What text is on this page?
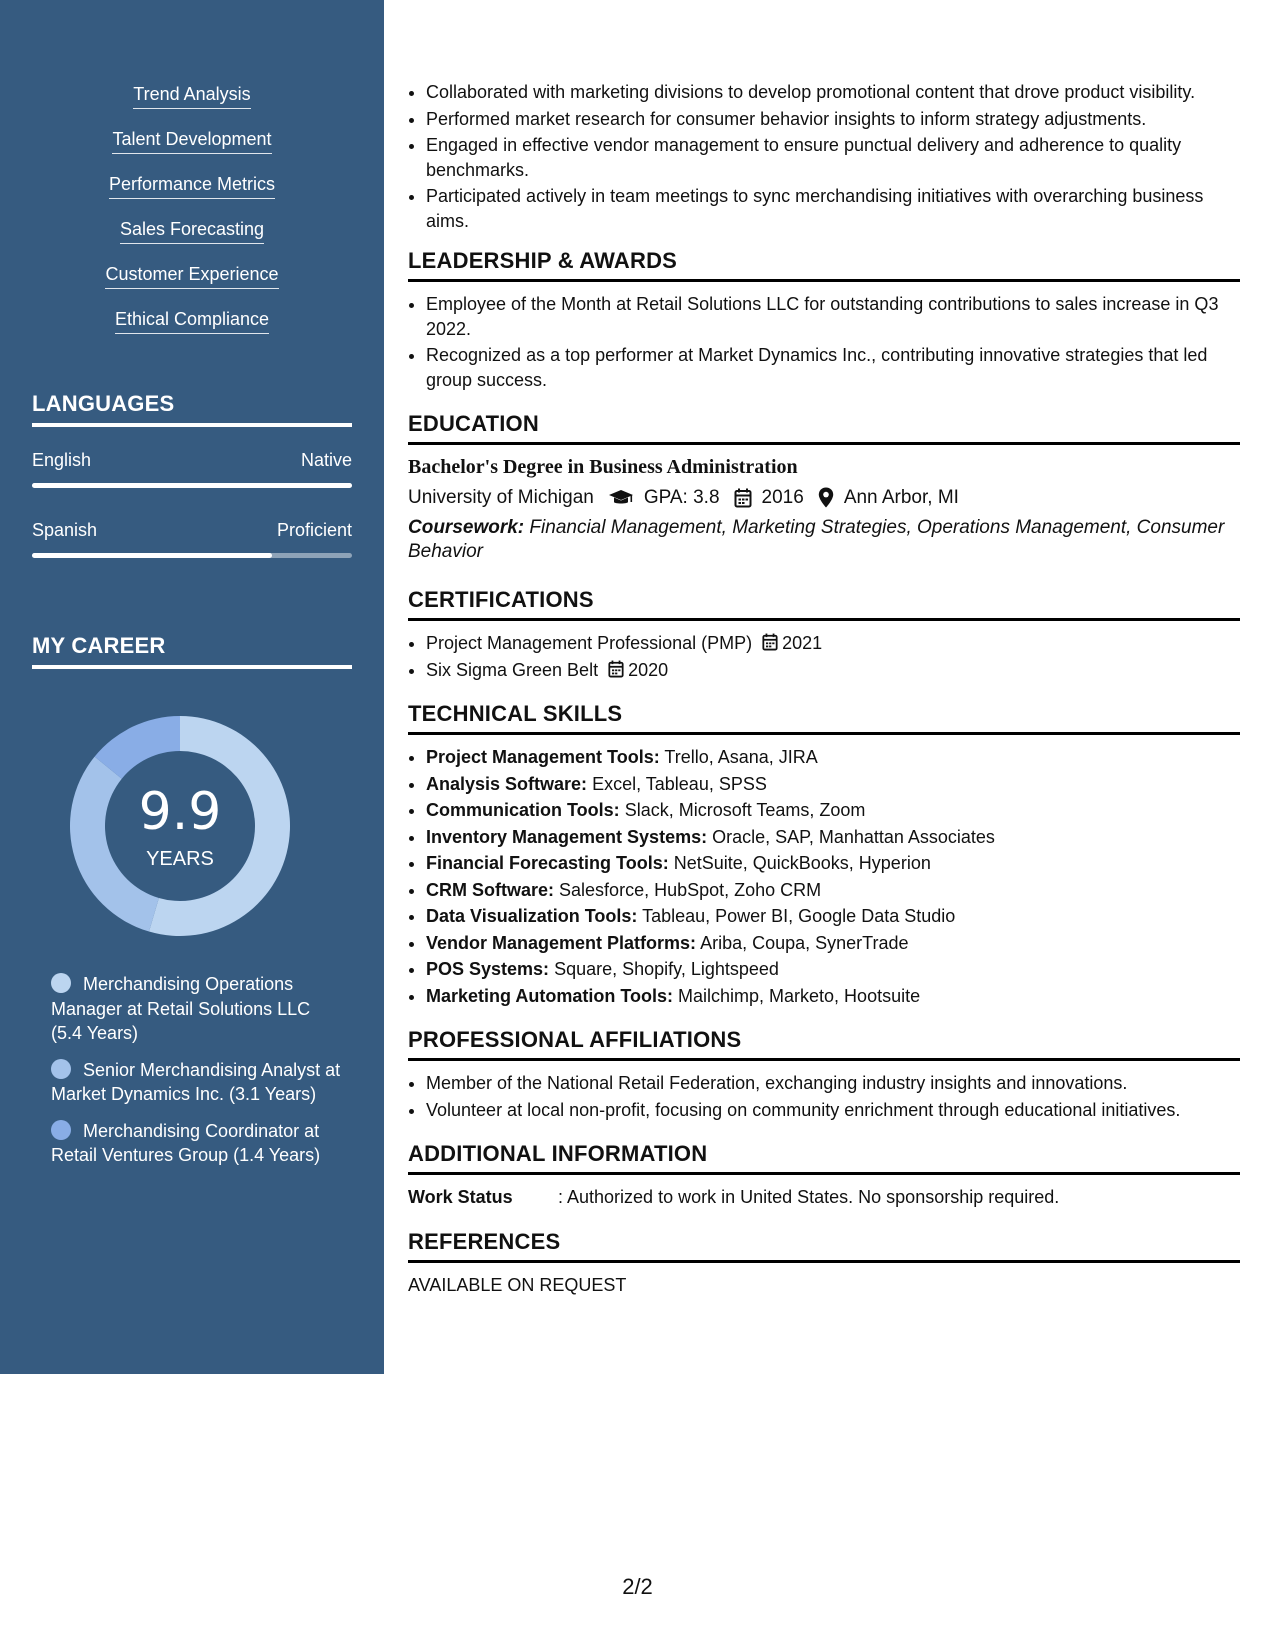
Trend Analysis
Talent Development
Performance Metrics
Sales Forecasting
Customer Experience
Ethical Compliance
LANGUAGES
English	Native
Spanish	Proficient
MY CAREER
9.9
YEARS
Merchandising Operations Manager at Retail Solutions LLC (5.4 Years)
Senior Merchandising Analyst at Market Dynamics Inc. (3.1 Years)
Merchandising Coordinator at Retail Ventures Group (1.4 Years)
• Collaborated with marketing divisions to develop promotional content that drove product visibility.
• Performed market research for consumer behavior insights to inform strategy adjustments.
• Engaged in effective vendor management to ensure punctual delivery and adherence to quality benchmarks.
• Participated actively in team meetings to sync merchandising initiatives with overarching business aims.
LEADERSHIP & AWARDS
• Employee of the Month at Retail Solutions LLC for outstanding contributions to sales increase in Q3 2022.
• Recognized as a top performer at Market Dynamics Inc., contributing innovative strategies that led group success.
EDUCATION
Bachelor's Degree in Business Administration
University of Michigan	GPA: 3.8 2016 Ann Arbor, MI
Coursework: Financial Management, Marketing Strategies, Operations Management, Consumer Behavior
CERTIFICATIONS
• Project Management Professional (PMP) 2021
• Six Sigma Green Belt 2020
TECHNICAL SKILLS
• Project Management Tools: Trello, Asana, JIRA
• Analysis Software: Excel, Tableau, SPSS
• Communication Tools: Slack, Microsoft Teams, Zoom
• Inventory Management Systems: Oracle, SAP, Manhattan Associates
• Financial Forecasting Tools: NetSuite, QuickBooks, Hyperion
• CRM Software: Salesforce, HubSpot, Zoho CRM
• Data Visualization Tools: Tableau, Power BI, Google Data Studio
• Vendor Management Platforms: Ariba, Coupa, SynerTrade
• POS Systems: Square, Shopify, Lightspeed
• Marketing Automation Tools: Mailchimp, Marketo, Hootsuite
PROFESSIONAL AFFILIATIONS
• Member of the National Retail Federation, exchanging industry insights and innovations.
• Volunteer at local non-profit, focusing on community enrichment through educational initiatives.
ADDITIONAL INFORMATION
Work Status	: Authorized to work in United States. No sponsorship required.
REFERENCES
AVAILABLE ON REQUEST
2/2
